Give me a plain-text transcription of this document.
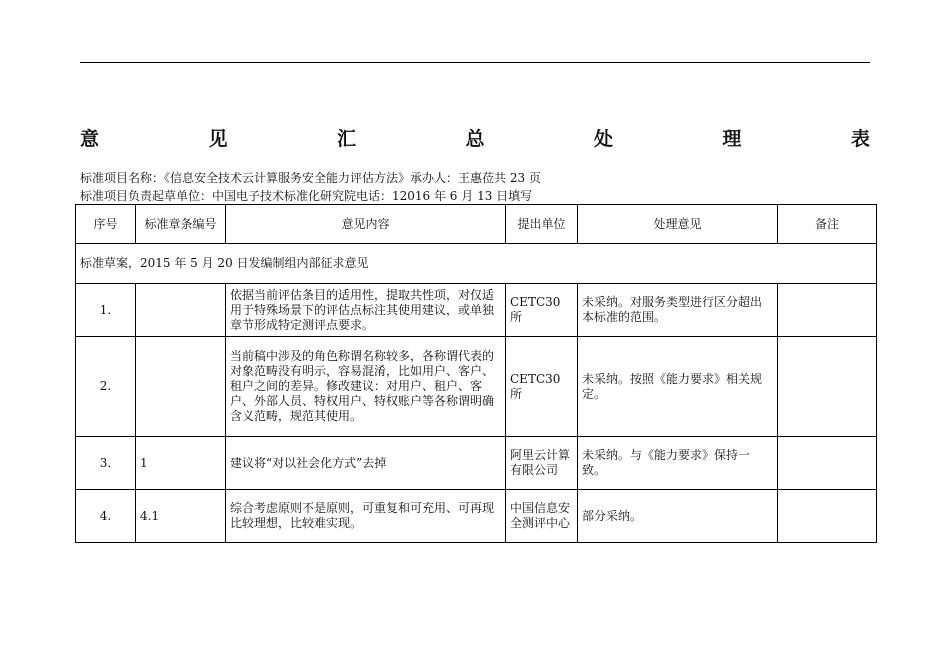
意	见	汇	总	处	理	表
标准项目名称：《信息安全技术云计算服务安全能力评估方法》承办人：王惠莅共 23 页
标准项目负责起草单位：中国电子技术标准化研究院电话：12016 年 6 月 13 日填写
序号	标准章条编号	意见内容	提出单位	处理意见	备注
标准草案，2015 年 5 月 20 日发编制组内部征求意见					
1.		依据当前评估条目的适用性，提取共性项，对仅适用于特殊场景下的评估点标注其使用建议，或单独章节形成特定测评点要求。	CETC30 所	未采纳。对服务类型进行区分超出本标准的范围。	
2.		当前稿中涉及的角色称谓名称较多，各称谓代表的对象范畴没有明示，容易混淆，比如用户、客户、租户之间的差异。修改建议：对用户、租户、客户、外部人员、特权用户、特权账户等各称谓明确含义范畴，规范其使用。	CETC30 所	未采纳。按照《能力要求》相关规定。	
3.	1	建议将“对以社会化方式”去掉	阿里云计算有限公司	未采纳。与《能力要求》保持一致。	
4.	4.1	综合考虑原则不是原则，可重复和可充用、可再现比较理想，比较难实现。	中国信息安全测评中心	部分采纳。	
